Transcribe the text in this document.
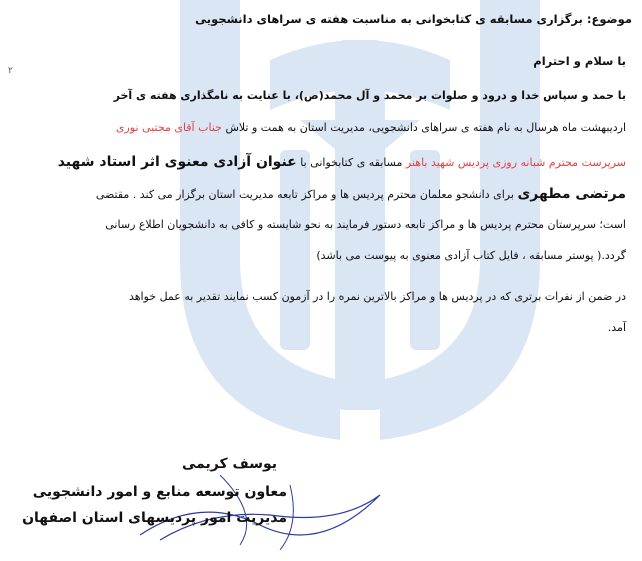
موضوع: برگزاری مسابقه ی کتابخوانی به مناسبت هفته ی سراهای دانشجویی
با سلام و احترام
۲
با حمد و سپاس خدا و درود و صلوات بر محمد و آل محمد(ص)، با عنایت به نامگذاری هفته ی آخر
اردیبهشت ماه هرسال به نام هفته ی سراهای دانشجویی، مدیریت استان به همت و تلاش جناب آقای مجتبی نوری
سرپرست محترم شبانه روزی پردیس شهید باهنر مسابقه ی کتابخوانی با عنوان آزادی معنوی اثر استاد شهید
مرتضی مطهری برای دانشجو معلمان محترم پردیس ها و مراکز تابعه مدیریت استان برگزار می کند . مقتضی
است؛ سرپرستان محترم پردیس ها و مراکز تابعه دستور فرمایند به نحو شایسته و کافی به دانشجویان اطلاع رسانی
گردد.( پوستر مسابقه ، فایل کتاب آزادی معنوی به پیوست می باشد)
در ضمن از نفرات برتری که در پردیس ها و مراکز بالاترین نمره را در آزمون کسب نمایند تقدیر به عمل خواهد
آمد.
یوسف کریمی
معاون توسعه منابع و امور دانشجویی
مدیریت امور پردیسهای استان اصفهان
